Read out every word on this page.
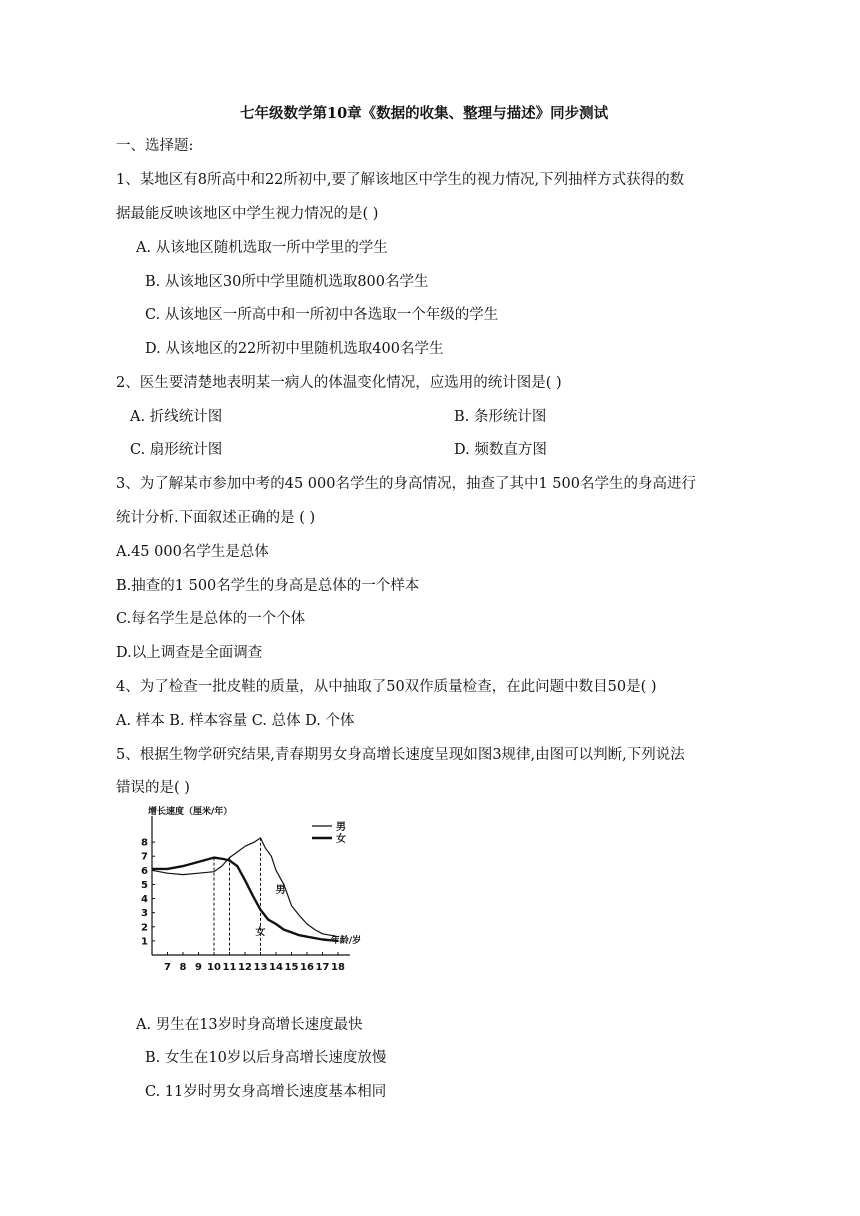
七年级数学第10章《数据的收集、整理与描述》同步测试
一、选择题:
1、某地区有8所高中和22所初中,要了解该地区中学生的视力情况,下列抽样方式获得的数
据最能反映该地区中学生视力情况的是( )
A. 从该地区随机选取一所中学里的学生
B. 从该地区30所中学里随机选取800名学生
C. 从该地区一所高中和一所初中各选取一个年级的学生
D. 从该地区的22所初中里随机选取400名学生
2、医生要清楚地表明某一病人的体温变化情况，应选用的统计图是( )
A. 折线统计图	B. 条形统计图
C. 扇形统计图	D. 频数直方图
3、为了解某市参加中考的45 000名学生的身高情况，抽查了其中1 500名学生的身高进行
统计分析.下面叙述正确的是 ( )
A.45 000名学生是总体
B.抽查的1 500名学生的身高是总体的一个样本
C.每名学生是总体的一个个体
D.以上调查是全面调查
4、为了检查一批皮鞋的质量，从中抽取了50双作质量检查，在此问题中数目50是( )
A. 样本 B. 样本容量 C. 总体 D. 个体
5、根据生物学研究结果,青春期男女身高增长速度呈现如图3规律,由图可以判断,下列说法
错误的是( )
增长速度（厘米/年）
1
2
3
4
5
6
7
8
7 8 9 10 11 12 13 14 15 16 17 18
男
女
男
女
年龄/岁
A. 男生在13岁时身高增长速度最快
B. 女生在10岁以后身高增长速度放慢
C. 11岁时男女身高增长速度基本相同
